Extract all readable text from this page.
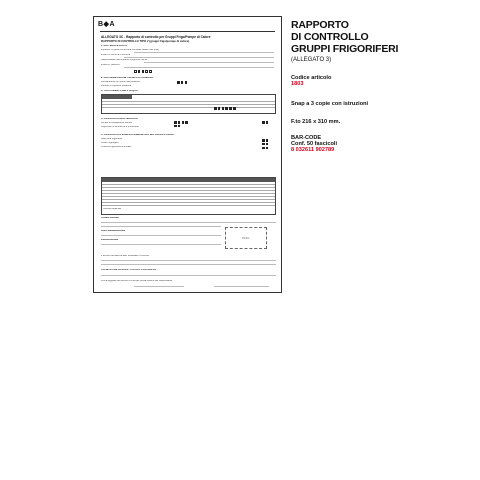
B◆A
ALLEGATO 3C - Rapporto di controllo per Gruppi Frigo/Pompe di Calore
RAPPORTO DI CONTROLLO TIPO 2 (gruppi frigo/pompe di calore)
1. DATI IDENTIFICATIVI
Impianto: di potenza termica nominale totale max (kW)
Indirizzo Comune Provincia
Responsabile dell'impianto Cognome Nome
Indirizzo Telefono
2. DOCUMENTAZIONE TECNICA DI CORREDO
Dichiarazione di conformità presente
Libretto di impianto presente
3. TRATTAMENTO DELL'ACQUA
4. CONTROLLO DELL'IMPIANTO
Locale di installazione idoneo
Dispositivi di sicurezza e protezione
5. CONTROLLO E VERIFICA ENERGETICA DEL GRUPPO FRIGO
Macchina frigorifera
Fluido frigorigeno
Potenza frigorifera nominale
Verifica superata
OSSERVAZIONI
RACCOMANDAZIONI
PRESCRIZIONI	Timbro
Il tecnico dichiara di aver effettuato il controllo
TECNICO CHE HA EFFETTUATO IL CONTROLLO
Firma leggibile del tecnico Firma per presa visione del responsabile
RAPPORTO
DI CONTROLLO
GRUPPI FRIGORIFERI
(ALLEGATO 3)
Codice articolo
1803
Snap a 3 copie con istruzioni
F.to 216 x 310 mm.
BAR-CODE
Conf. 50 fascicoli
8 032611 902789
